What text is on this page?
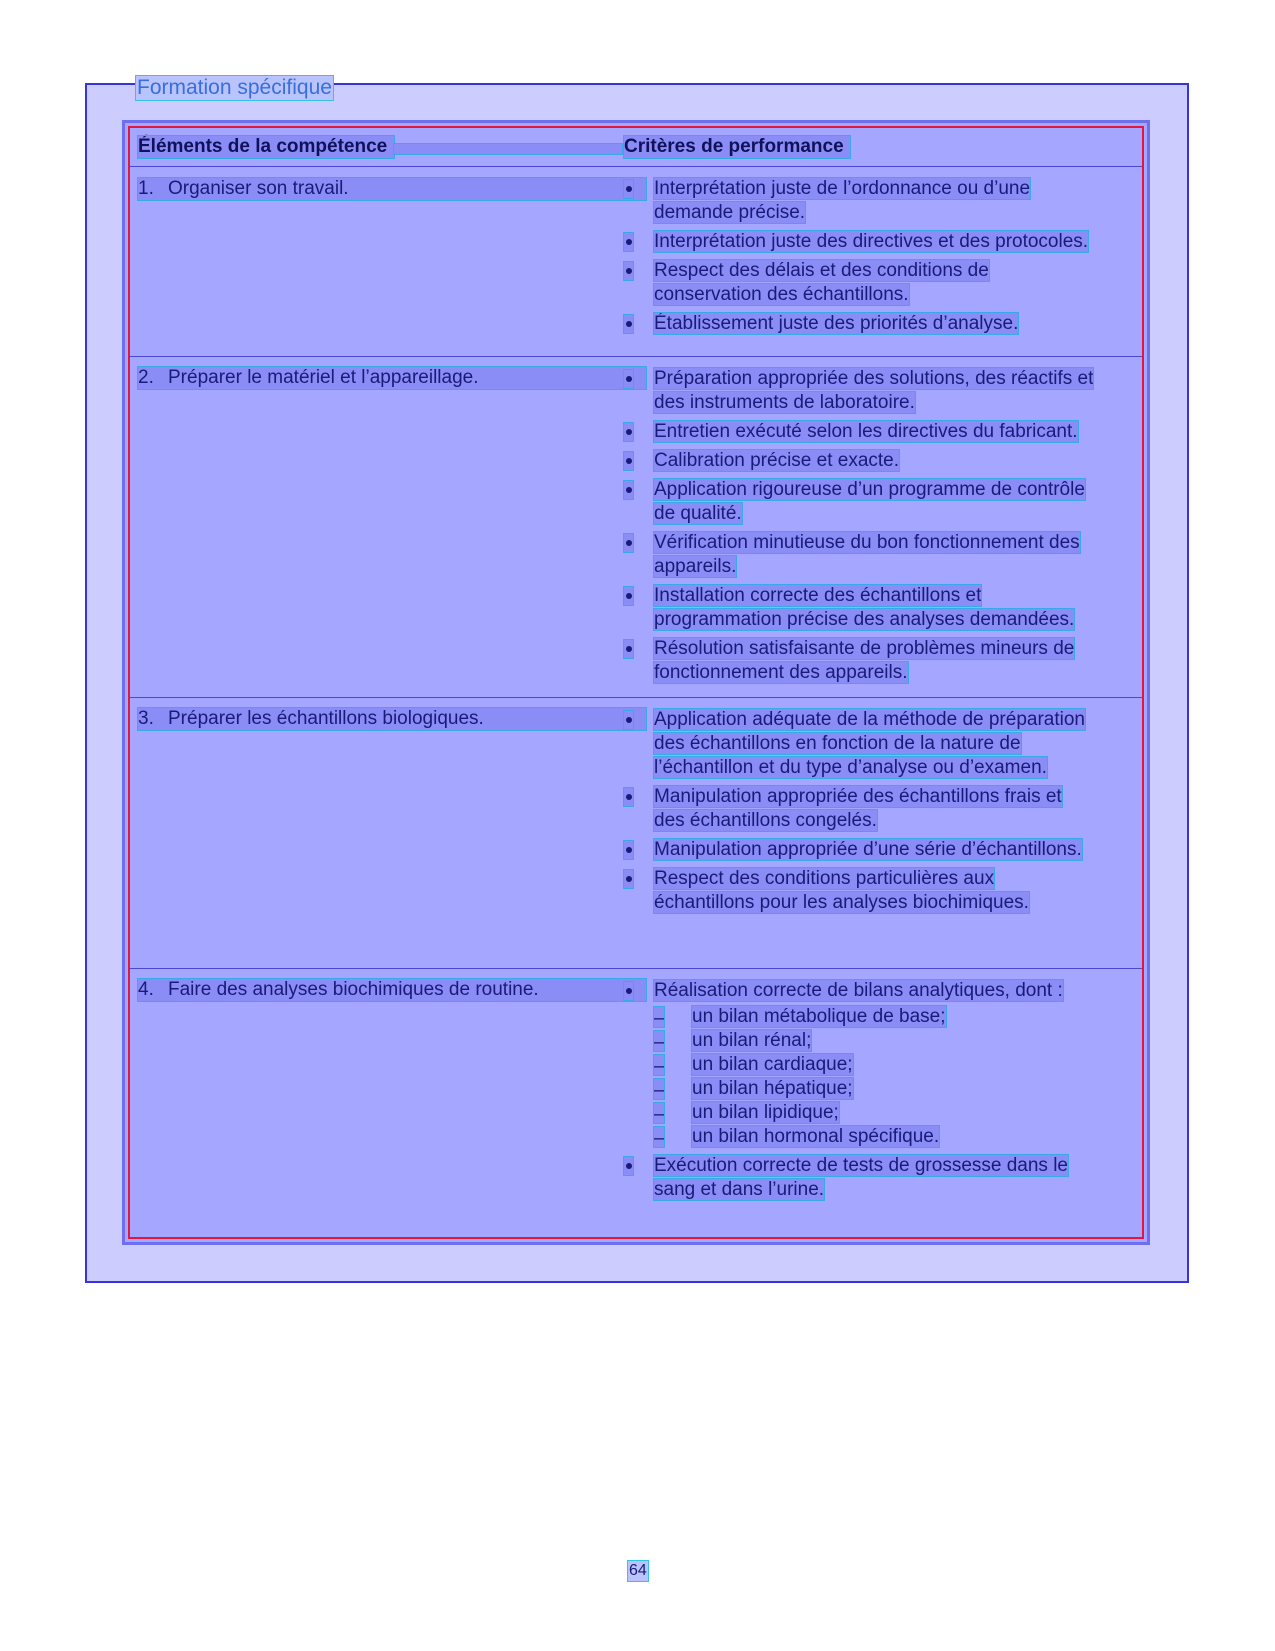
Formation spécifique
Éléments de la compétence	Critères de performance
1. Organiser son travail.	Interprétation juste de l’ordonnance ou d’une demande précise.
Interprétation juste des directives et des protocoles.
Respect des délais et des conditions de conservation des échantillons.
Établissement juste des priorités d’analyse.
2. Préparer le matériel et l’appareillage.	Préparation appropriée des solutions, des réactifs et des instruments de laboratoire.
Entretien exécuté selon les directives du fabricant.
Calibration précise et exacte.
Application rigoureuse d’un programme de contrôle de qualité.
Vérification minutieuse du bon fonctionnement des appareils.
Installation correcte des échantillons et programmation précise des analyses demandées.
Résolution satisfaisante de problèmes mineurs de fonctionnement des appareils.
3. Préparer les échantillons biologiques.	Application adéquate de la méthode de préparation des échantillons en fonction de la nature de l’échantillon et du type d’analyse ou d’examen.
Manipulation appropriée des échantillons frais et des échantillons congelés.
Manipulation appropriée d’une série d’échantillons.
Respect des conditions particulières aux échantillons pour les analyses biochimiques.
4. Faire des analyses biochimiques de routine.	Réalisation correcte de bilans analytiques, dont :
– un bilan métabolique de base;
– un bilan rénal;
– un bilan cardiaque;
– un bilan hépatique;
– un bilan lipidique;
– un bilan hormonal spécifique.
Exécution correcte de tests de grossesse dans le sang et dans l’urine.
64
